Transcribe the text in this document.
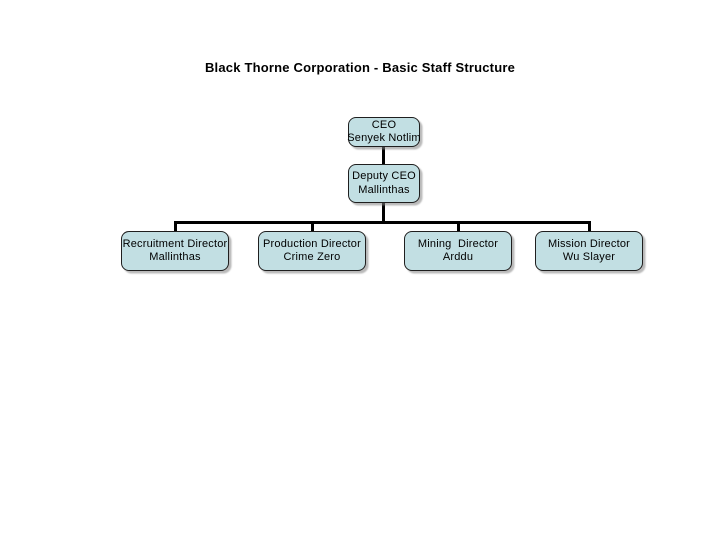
Black Thorne Corporation - Basic Staff Structure
CEO
Senyek Notlim
Deputy CEO
Mallinthas
Recruitment Director
Mallinthas
Production Director
Crime Zero
Mining  Director
Arddu
Mission Director
Wu Slayer
